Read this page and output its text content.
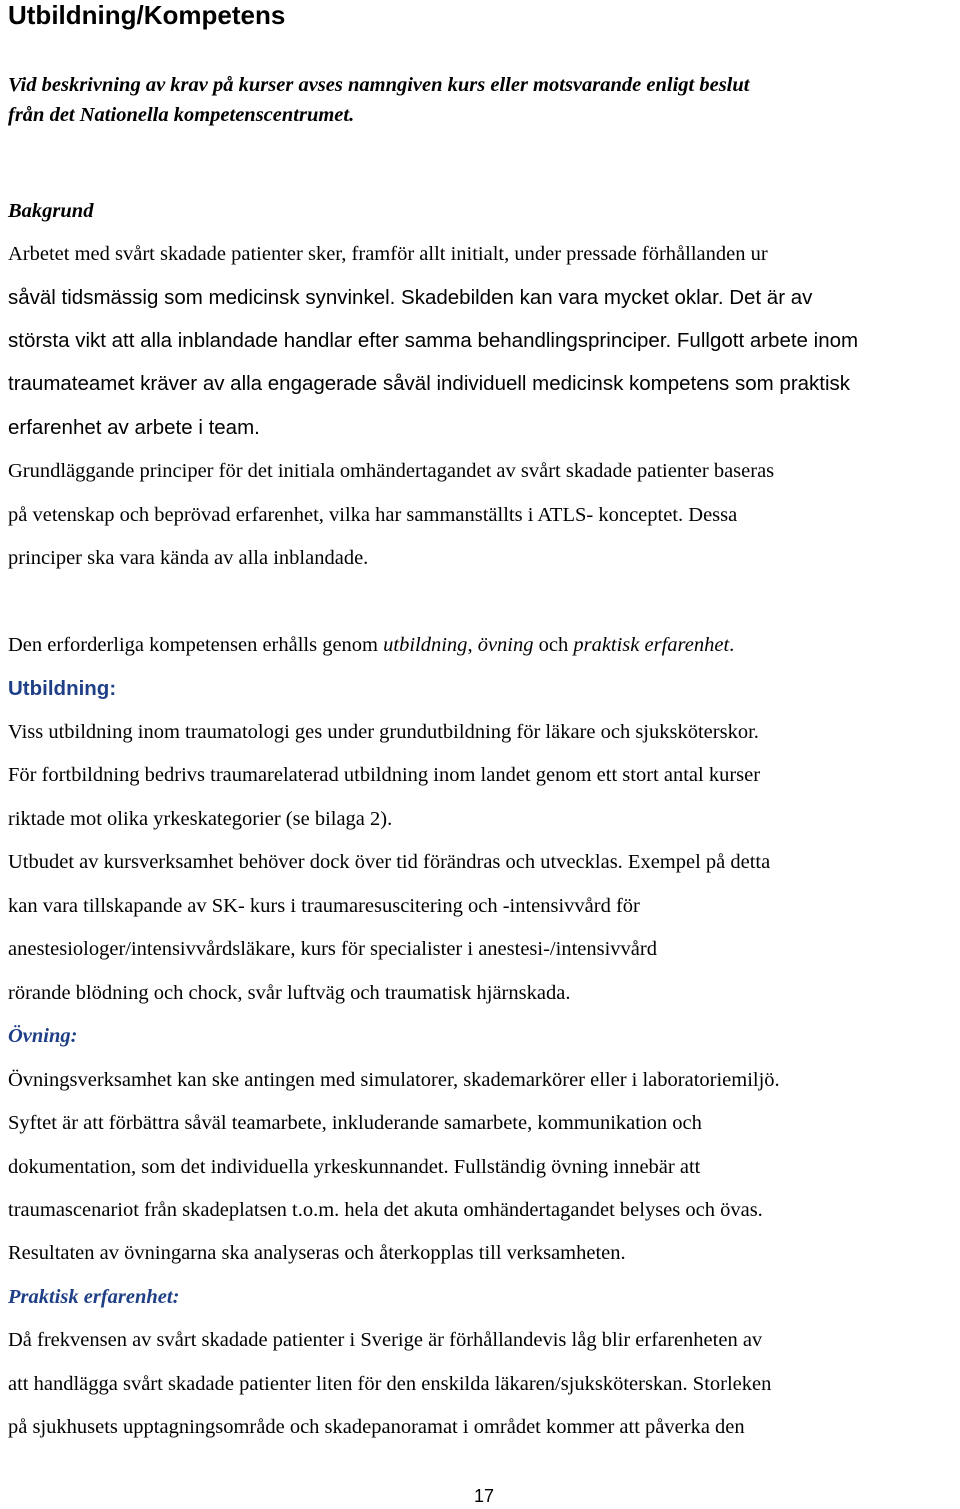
Utbildning/Kompetens

Vid beskrivning av krav på kurser avses namngiven kurs eller motsvarande enligt beslut

från det Nationella kompetenscentrumet.

Bakgrund

Arbetet med svårt skadade patienter sker, framför allt initialt, under pressade förhållanden ur

såväl tidsmässig som medicinsk synvinkel. Skadebilden kan vara mycket oklar. Det är av

största vikt att alla inblandade handlar efter samma behandlingsprinciper. Fullgott arbete inom

traumateamet kräver av alla engagerade såväl individuell medicinsk kompetens som praktisk

erfarenhet av arbete i team.

Grundläggande principer för det initiala omhändertagandet av svårt skadade patienter baseras

på vetenskap och beprövad erfarenhet, vilka har sammanställts i ATLS- konceptet. Dessa

principer ska vara kända av alla inblandade.

Den erforderliga kompetensen erhålls genom utbildning, övning och praktisk erfarenhet.

Utbildning:

Viss utbildning inom traumatologi ges under grundutbildning för läkare och sjuksköterskor.

För fortbildning bedrivs traumarelaterad utbildning inom landet genom ett stort antal kurser

riktade mot olika yrkeskategorier (se bilaga 2).

Utbudet av kursverksamhet behöver dock över tid förändras och utvecklas. Exempel på detta

kan vara tillskapande av SK- kurs i traumaresuscitering och -intensivvård för

anestesiologer/intensivvårdsläkare, kurs för specialister i anestesi-/intensivvård

rörande blödning och chock, svår luftväg och traumatisk hjärnskada.

Övning:

Övningsverksamhet kan ske antingen med simulatorer, skademarkörer eller i laboratoriemiljö.

Syftet är att förbättra såväl teamarbete, inkluderande samarbete, kommunikation och

dokumentation, som det individuella yrkeskunnandet. Fullständig övning innebär att

traumascenariot från skadeplatsen t.o.m. hela det akuta omhändertagandet belyses och övas.

Resultaten av övningarna ska analyseras och återkopplas till verksamheten.

Praktisk erfarenhet:

Då frekvensen av svårt skadade patienter i Sverige är förhållandevis låg blir erfarenheten av

att handlägga svårt skadade patienter liten för den enskilda läkaren/sjuksköterskan. Storleken

på sjukhusets upptagningsområde och skadepanoramat i området kommer att påverka den

17
